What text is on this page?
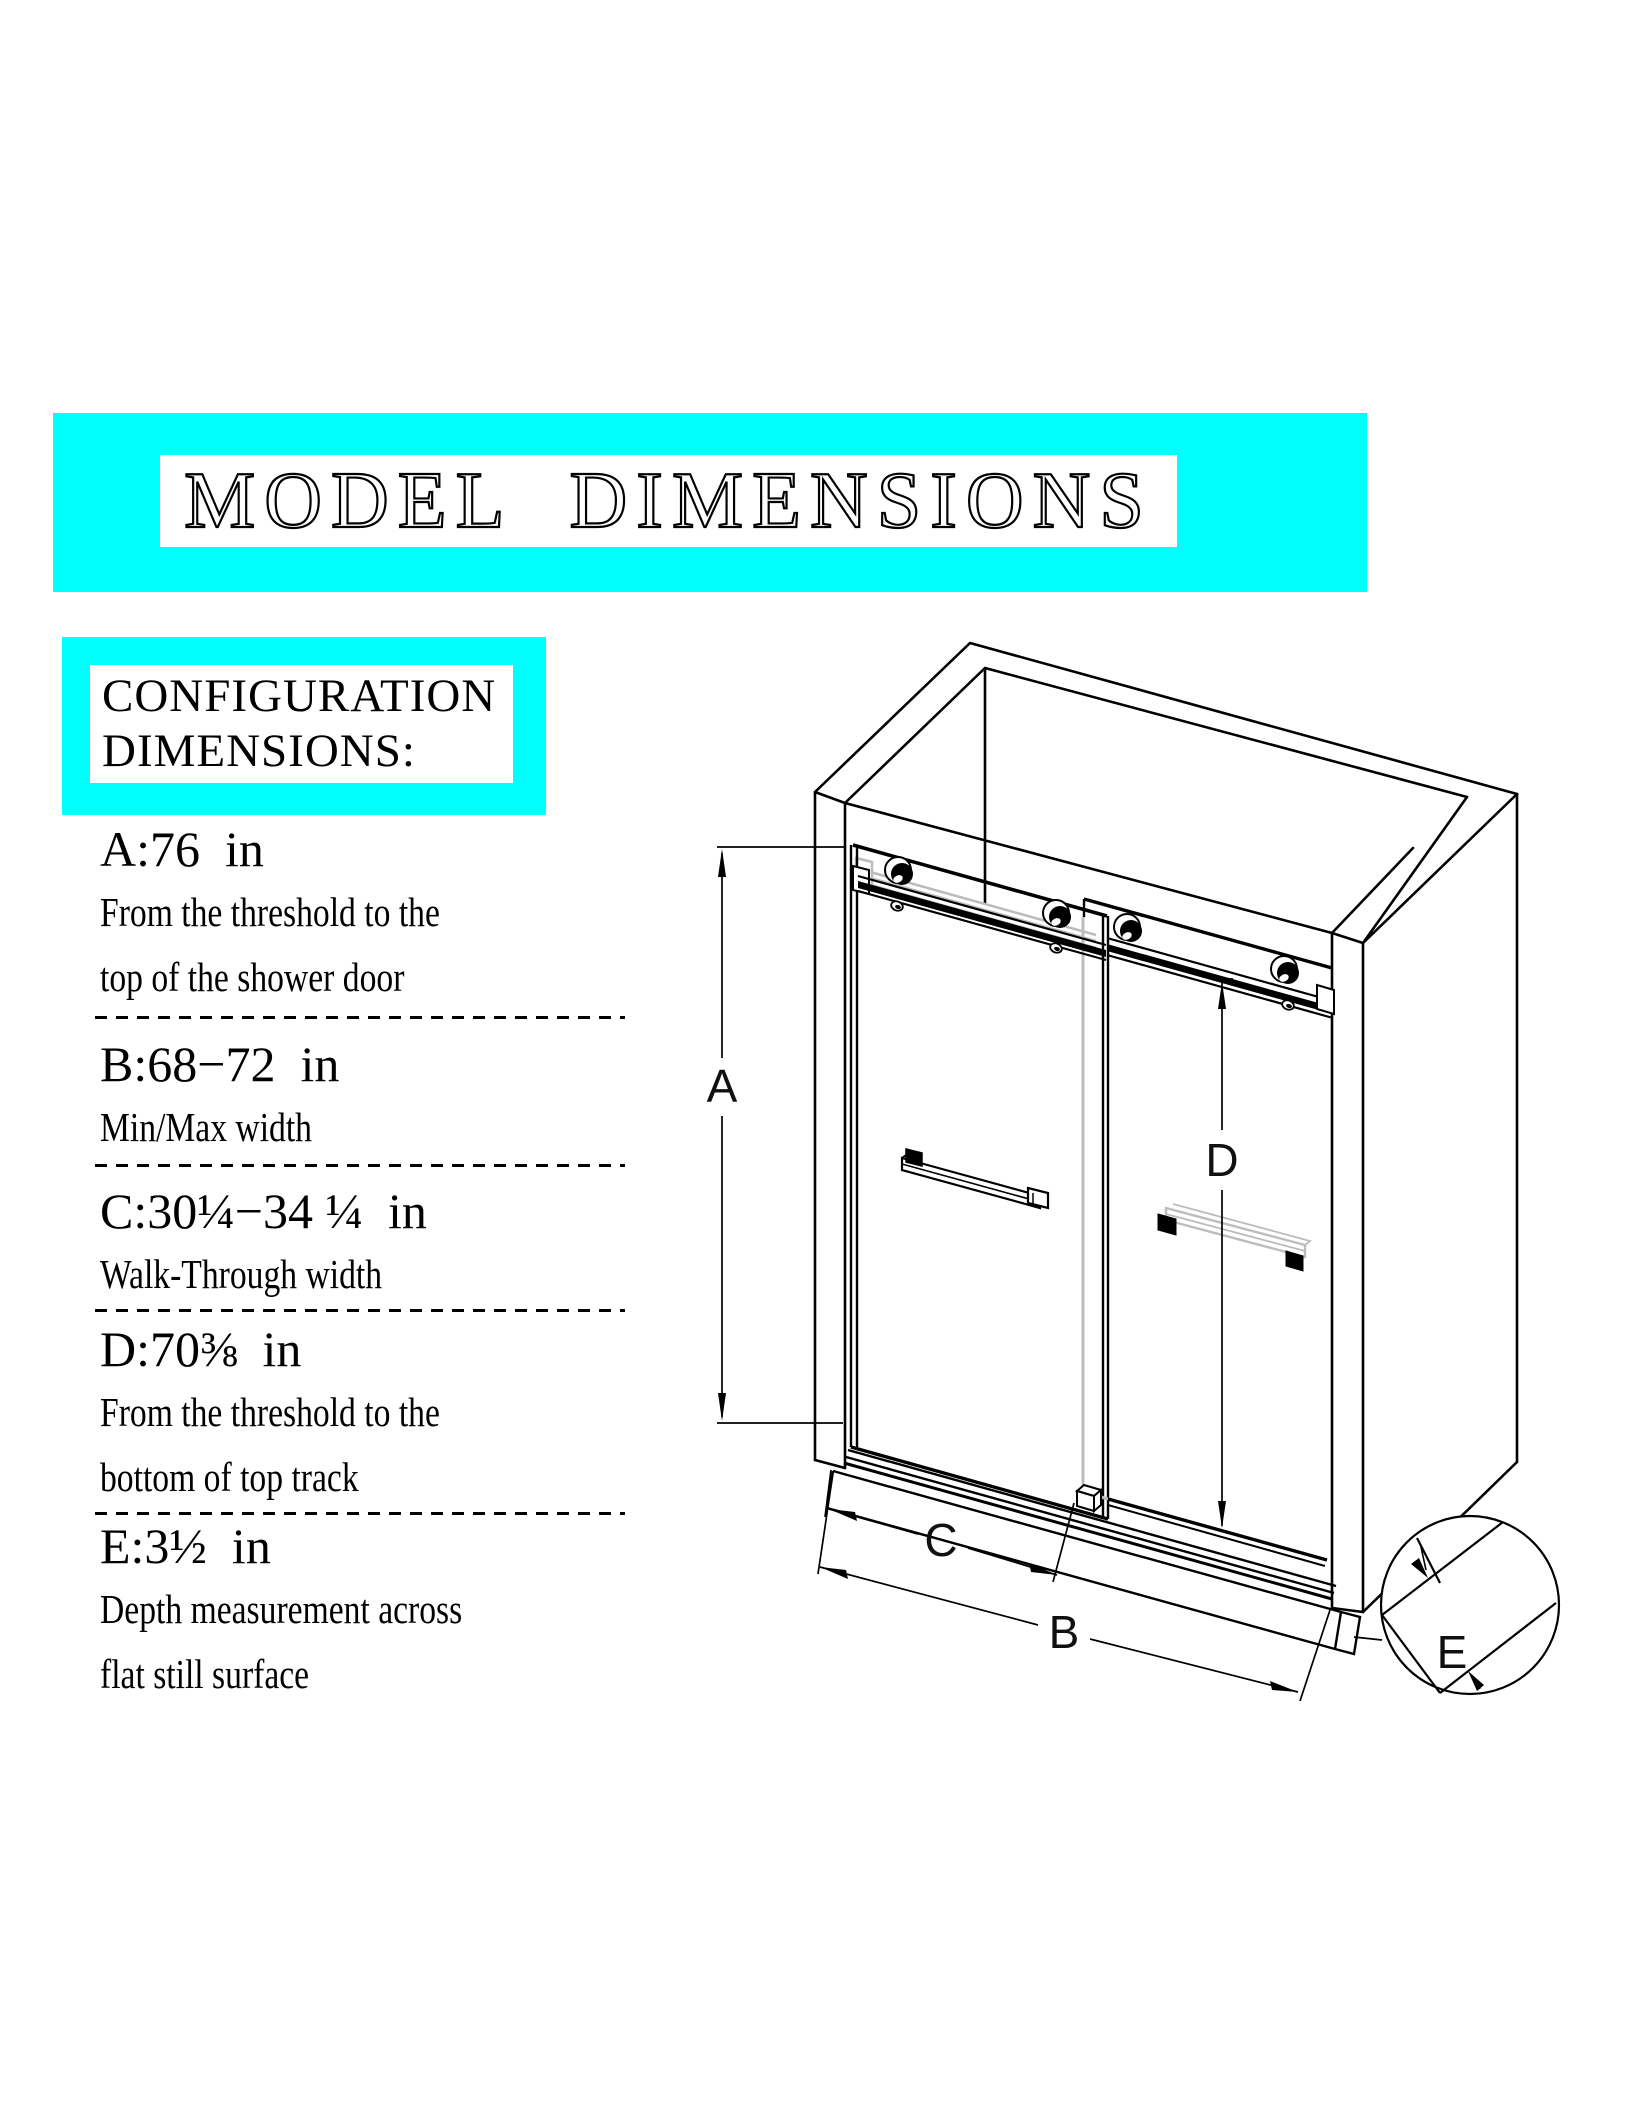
MODEL DIMENSIONS
CONFIGURATION
DIMENSIONS:
A:76  in
From the threshold to the
top of the shower door
B:68−72  in
Min/Max width
C:30¼−34 ¼  in
Walk-Through width
D:70⅜  in
From the threshold to the
bottom of top track
E:3½  in
Depth measurement across
flat still surface
A
D
C
B	E
